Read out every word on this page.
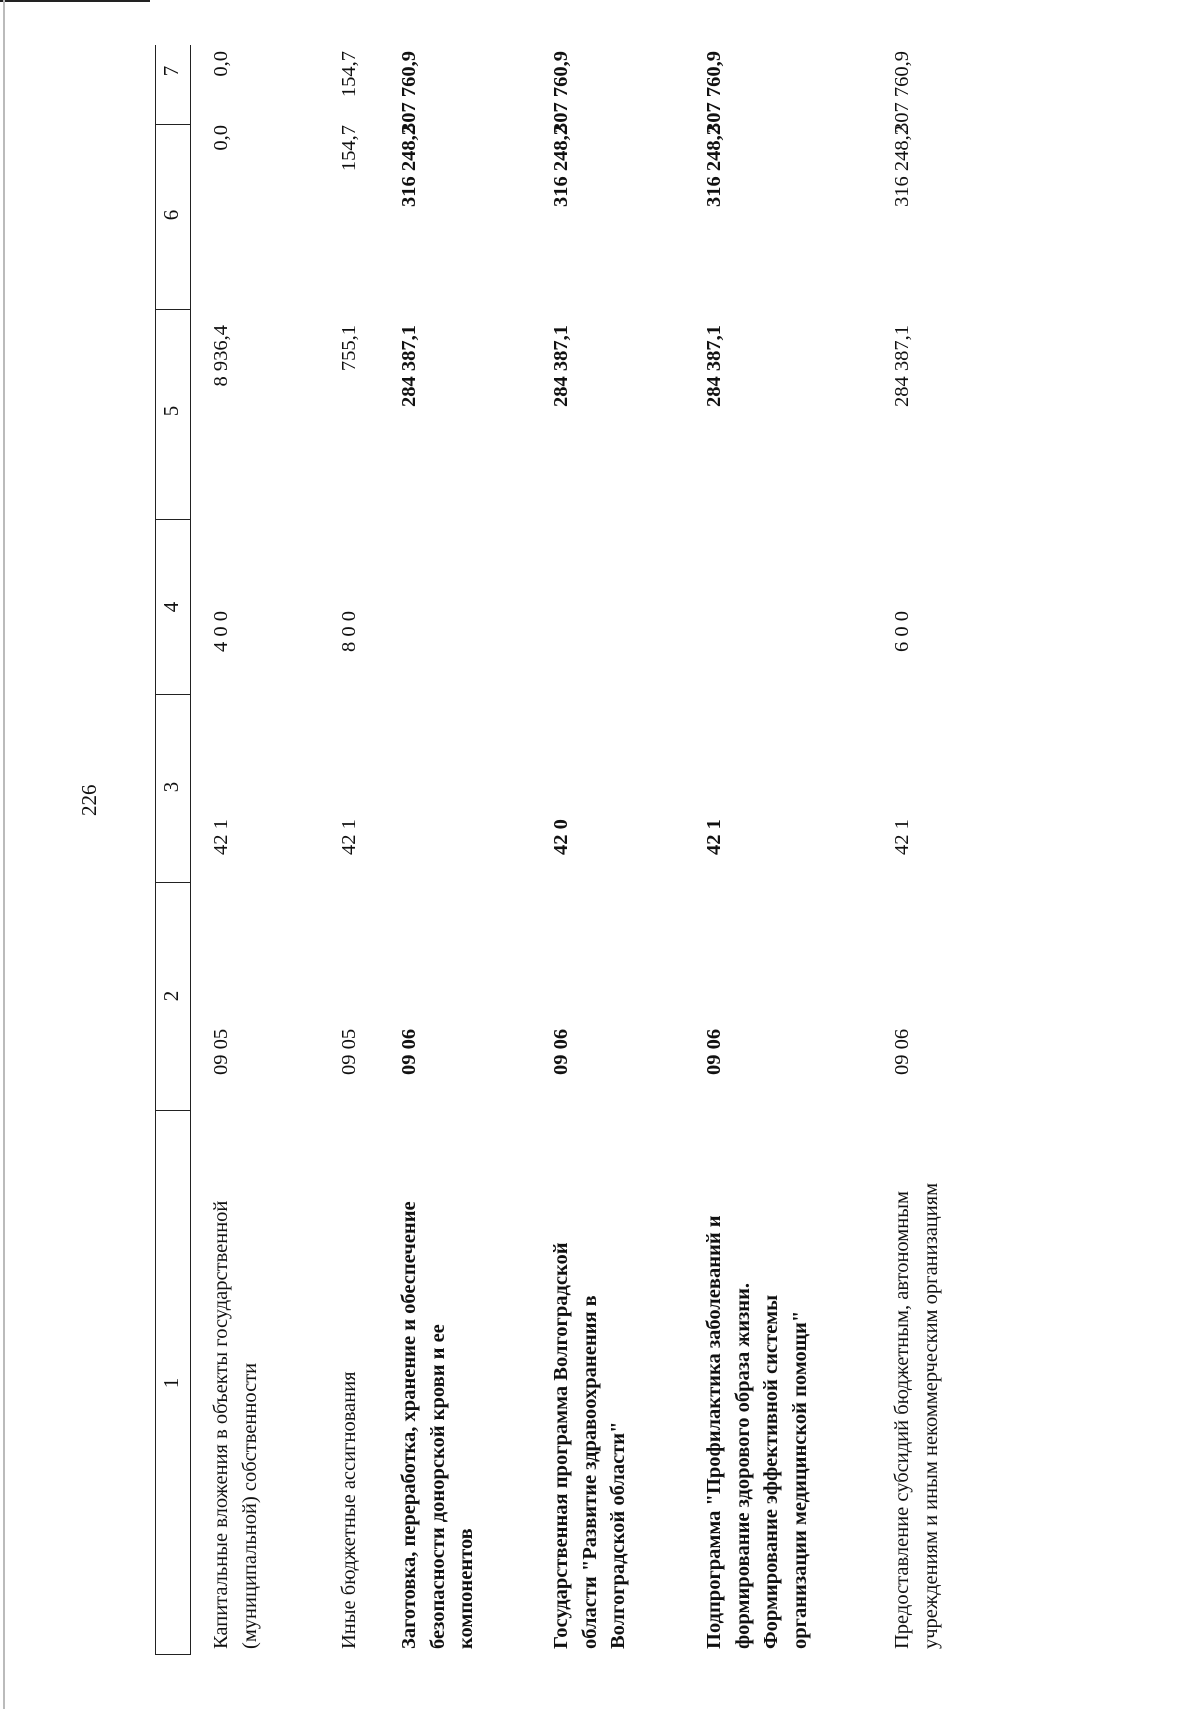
226
1
2
3
4
5
6
7
Капитальные вложения в объекты государственной (муниципальной) собственности
09 05
42 1
4 0 0
8 936,4
0,0
0,0
Иные бюджетные ассигнования
09 05
42 1
8 0 0
755,1
154,7
154,7
Заготовка, переработка, хранение и обеспечение безопасности донорской крови и ее компонентов
09 06
284 387,1
316 248,2
307 760,9
Государственная программа Волгоградской области "Развитие здравоохранения в Волгоградской области"
09 06
42 0
284 387,1
316 248,2
307 760,9
Подпрограмма "Профилактика заболеваний и формирование здорового образа жизни. Формирование эффективной системы организации медицинской помощи"
09 06
42 1
284 387,1
316 248,2
307 760,9
Предоставление субсидий бюджетным, автономным учреждениям и иным некоммерческим организациям
09 06
42 1
6 0 0
284 387,1
316 248,2
307 760,9
